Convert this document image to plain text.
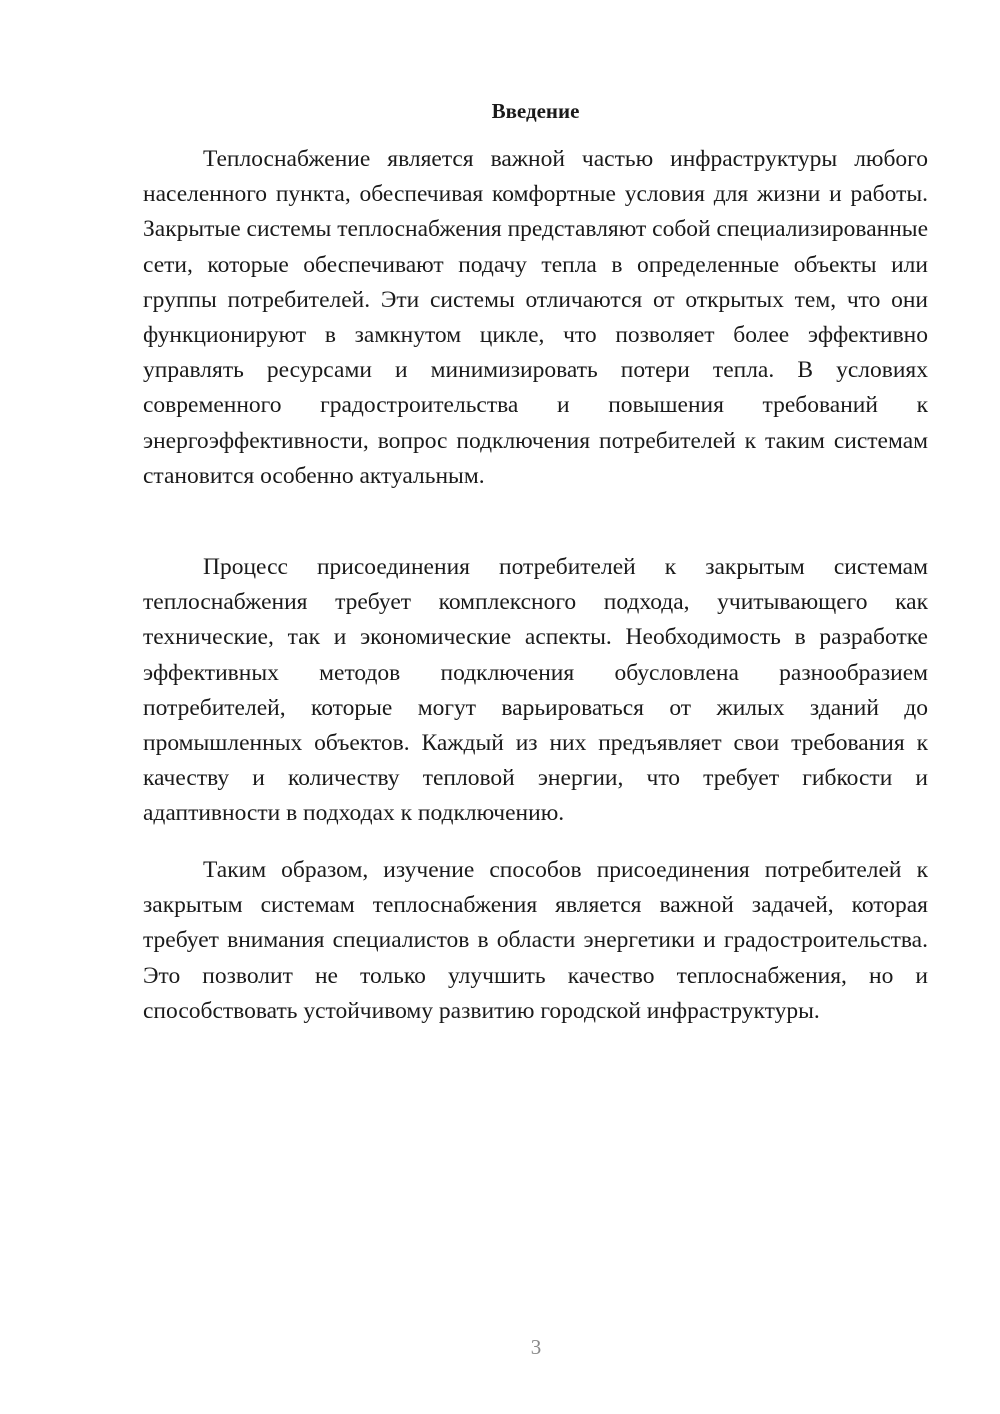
Введение

Теплоснабжение является важной частью инфраструктуры любого населенного пункта, обеспечивая комфортные условия для жизни и работы. Закрытые системы теплоснабжения представляют собой специализированные сети, которые обеспечивают подачу тепла в определенные объекты или группы потребителей. Эти системы отличаются от открытых тем, что они функционируют в замкнутом цикле, что позволяет более эффективно управлять ресурсами и минимизировать потери тепла. В условиях современного градостроительства и повышения требований к энергоэффективности, вопрос подключения потребителей к таким системам становится особенно актуальным.

Процесс присоединения потребителей к закрытым системам теплоснабжения требует комплексного подхода, учитывающего как технические, так и экономические аспекты. Необходимость в разработке эффективных методов подключения обусловлена разнообразием потребителей, которые могут варьироваться от жилых зданий до промышленных объектов. Каждый из них предъявляет свои требования к качеству и количеству тепловой энергии, что требует гибкости и адаптивности в подходах к подключению.

Таким образом, изучение способов присоединения потребителей к закрытым системам теплоснабжения является важной задачей, которая требует внимания специалистов в области энергетики и градостроительства. Это позволит не только улучшить качество теплоснабжения, но и способствовать устойчивому развитию городской инфраструктуры.

3
